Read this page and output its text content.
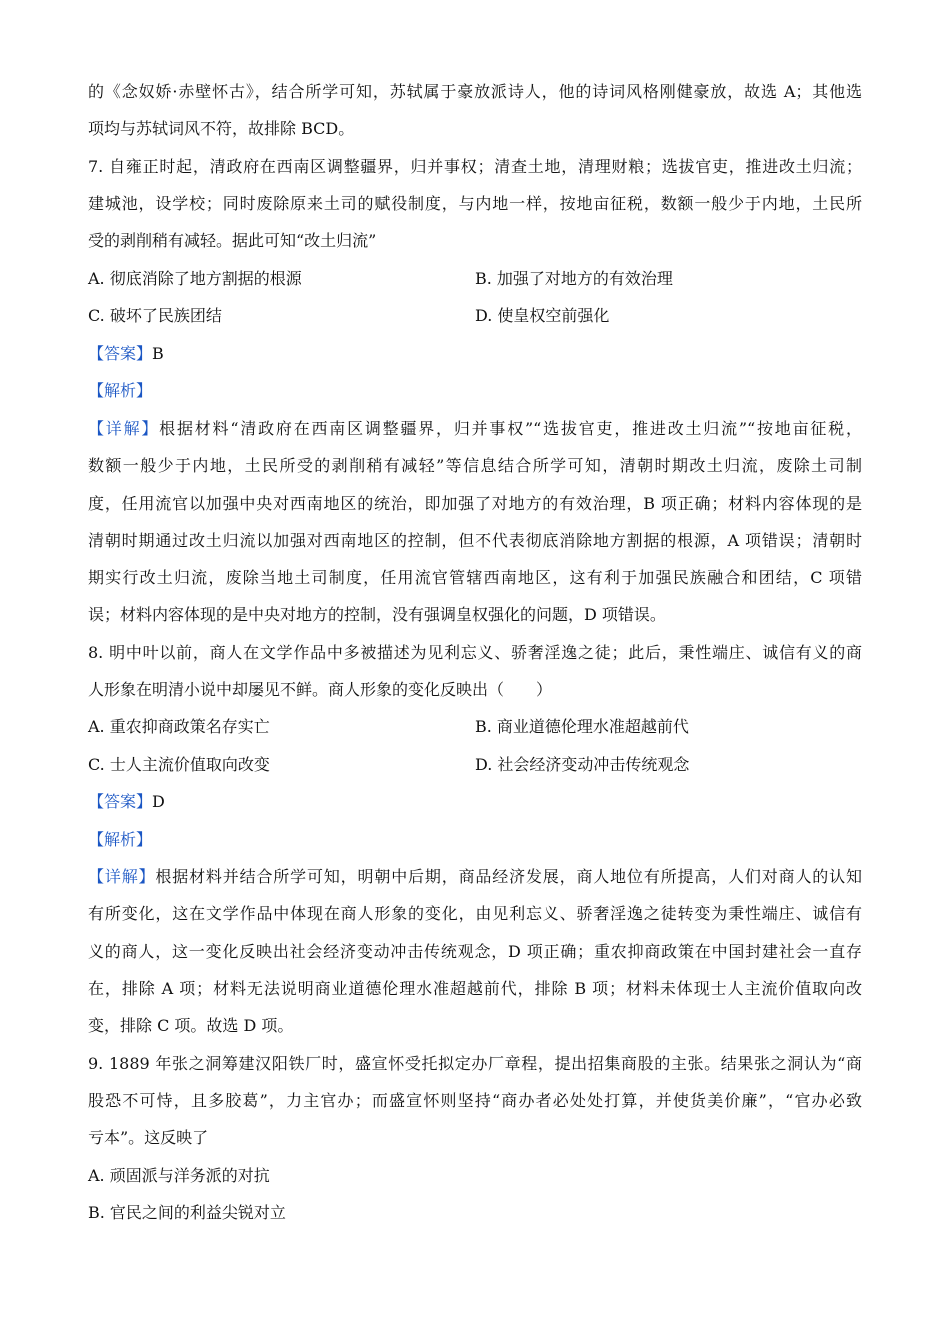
的《念奴娇·赤壁怀古》，结合所学可知，苏轼属于豪放派诗人，他的诗词风格刚健豪放，故选 A；其他选
项均与苏轼词风不符，故排除 BCD。
7. 自雍正时起，清政府在西南区调整疆界，归并事权；清查土地，清理财粮；选拔官吏，推进改土归流；
建城池，设学校；同时废除原来土司的赋役制度，与内地一样，按地亩征税，数额一般少于内地，土民所
受的剥削稍有减轻。据此可知“改土归流”
A. 彻底消除了地方割据的根源	B. 加强了对地方的有效治理
C. 破坏了民族团结	D. 使皇权空前强化
【答案】B
【解析】
【详解】根据材料“清政府在西南区调整疆界，归并事权”“选拔官吏，推进改土归流”“按地亩征税，
数额一般少于内地，土民所受的剥削稍有减轻”等信息结合所学可知，清朝时期改土归流，废除土司制
度，任用流官以加强中央对西南地区的统治，即加强了对地方的有效治理，B 项正确；材料内容体现的是
清朝时期通过改土归流以加强对西南地区的控制，但不代表彻底消除地方割据的根源，A 项错误；清朝时
期实行改土归流，废除当地土司制度，任用流官管辖西南地区，这有利于加强民族融合和团结，C 项错
误；材料内容体现的是中央对地方的控制，没有强调皇权强化的问题，D 项错误。
8. 明中叶以前，商人在文学作品中多被描述为见利忘义、骄奢淫逸之徒；此后，秉性端庄、诚信有义的商
人形象在明清小说中却屡见不鲜。商人形象的变化反映出（　　）
A. 重农抑商政策名存实亡	B. 商业道德伦理水准超越前代
C. 士人主流价值取向改变	D. 社会经济变动冲击传统观念
【答案】D
【解析】
【详解】根据材料并结合所学可知，明朝中后期，商品经济发展，商人地位有所提高，人们对商人的认知
有所变化，这在文学作品中体现在商人形象的变化，由见利忘义、骄奢淫逸之徒转变为秉性端庄、诚信有
义的商人，这一变化反映出社会经济变动冲击传统观念，D 项正确；重农抑商政策在中国封建社会一直存
在，排除 A 项；材料无法说明商业道德伦理水准超越前代，排除 B 项；材料未体现士人主流价值取向改
变，排除 C 项。故选 D 项。
9. 1889 年张之洞筹建汉阳铁厂时，盛宣怀受托拟定办厂章程，提出招集商股的主张。结果张之洞认为“商
股恐不可恃，且多胶葛”，力主官办；而盛宣怀则坚持“商办者必处处打算，并使货美价廉”，“官办必致
亏本”。这反映了
A. 顽固派与洋务派的对抗
B. 官民之间的利益尖锐对立
